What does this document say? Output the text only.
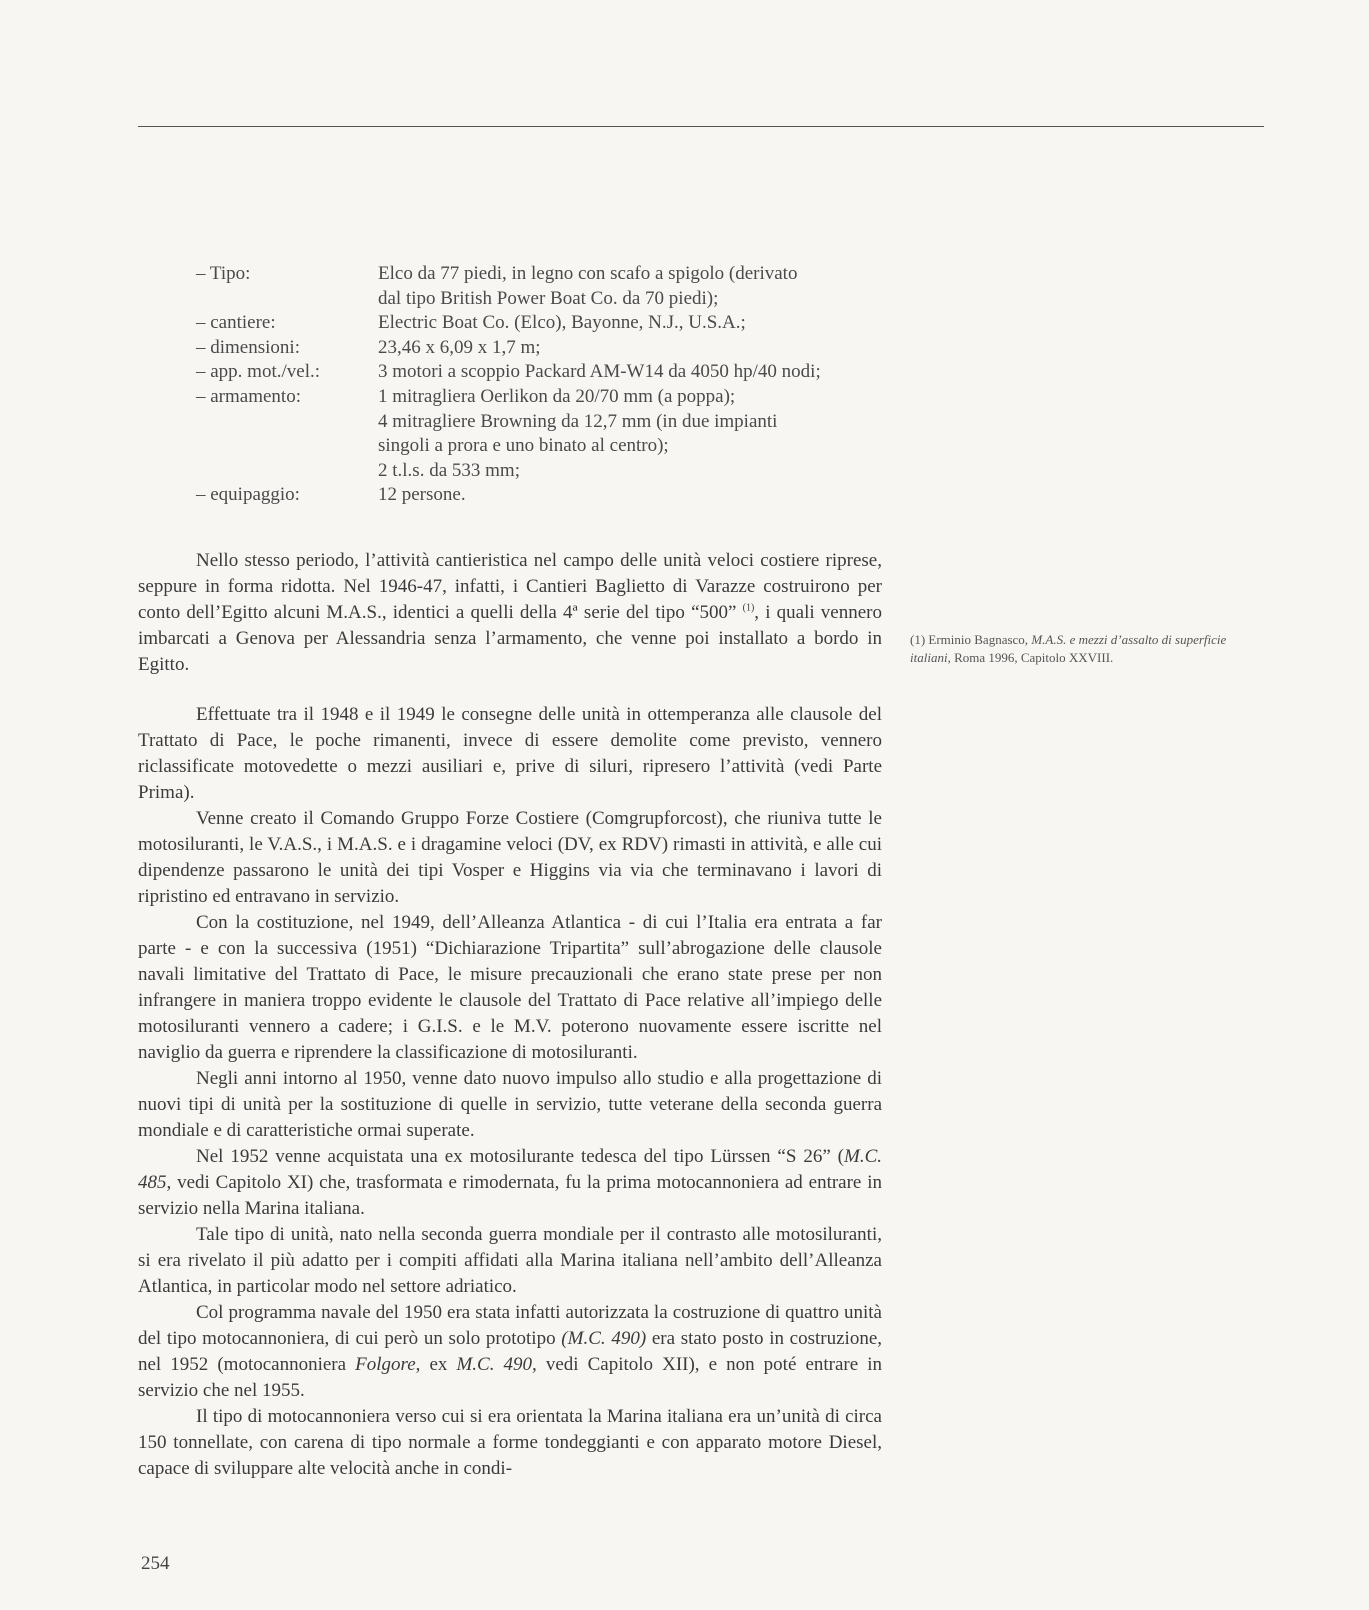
– Tipo:	Elco da 77 piedi, in legno con scafo a spigolo (derivato
dal tipo British Power Boat Co. da 70 piedi);
– cantiere:	Electric Boat Co. (Elco), Bayonne, N.J., U.S.A.;
– dimensioni:	23,46 x 6,09 x 1,7 m;
– app. mot./vel.:	3 motori a scoppio Packard AM-W14 da 4050 hp/40 nodi;
– armamento:	1 mitragliera Oerlikon da 20/70 mm (a poppa);
4 mitragliere Browning da 12,7 mm (in due impianti
singoli a prora e uno binato al centro);
2 t.l.s. da 533 mm;
– equipaggio:	12 persone.

Nello stesso periodo, l’attività cantieristica nel campo delle unità veloci costiere riprese, seppure in forma ridotta. Nel 1946-47, infatti, i Cantieri Baglietto di Varazze costruirono per conto dell’Egitto alcuni M.A.S., identici a quelli della 4ª serie del tipo “500” $^{(1)}$, i quali vennero imbarcati a Genova per Alessandria senza l’armamento, che venne poi installato a bordo in Egitto.

(1) Erminio Bagnasco, M.A.S. e mezzi d’assalto di superficie italiani, Roma 1996, Capitolo XXVIII.

Effettuate tra il 1948 e il 1949 le consegne delle unità in ottemperanza alle clausole del Trattato di Pace, le poche rimanenti, invece di essere demolite come previsto, vennero riclassificate motovedette o mezzi ausiliari e, prive di siluri, ripresero l’attività (vedi Parte Prima).

Venne creato il Comando Gruppo Forze Costiere (Comgrupforcost), che riuniva tutte le motosiluranti, le V.A.S., i M.A.S. e i dragamine veloci (DV, ex RDV) rimasti in attività, e alle cui dipendenze passarono le unità dei tipi Vosper e Higgins via via che terminavano i lavori di ripristino ed entravano in servizio.

Con la costituzione, nel 1949, dell’Alleanza Atlantica - di cui l’Italia era entrata a far parte - e con la successiva (1951) “Dichiarazione Tripartita” sull’abrogazione delle clausole navali limitative del Trattato di Pace, le misure precauzionali che erano state prese per non infrangere in maniera troppo evidente le clausole del Trattato di Pace relative all’impiego delle motosiluranti vennero a cadere; i G.I.S. e le M.V. poterono nuovamente essere iscritte nel naviglio da guerra e riprendere la classificazione di motosiluranti.

Negli anni intorno al 1950, venne dato nuovo impulso allo studio e alla progettazione di nuovi tipi di unità per la sostituzione di quelle in servizio, tutte veterane della seconda guerra mondiale e di caratteristiche ormai superate.

Nel 1952 venne acquistata una ex motosilurante tedesca del tipo Lürssen “S 26” (M.C. 485, vedi Capitolo XI) che, trasformata e rimodernata, fu la prima motocannoniera ad entrare in servizio nella Marina italiana.

Tale tipo di unità, nato nella seconda guerra mondiale per il contrasto alle motosiluranti, si era rivelato il più adatto per i compiti affidati alla Marina italiana nell’ambito dell’Alleanza Atlantica, in particolar modo nel settore adriatico.

Col programma navale del 1950 era stata infatti autorizzata la costruzione di quattro unità del tipo motocannoniera, di cui però un solo prototipo (M.C. 490) era stato posto in costruzione, nel 1952 (motocannoniera Folgore, ex M.C. 490, vedi Capitolo XII), e non poté entrare in servizio che nel 1955.

Il tipo di motocannoniera verso cui si era orientata la Marina italiana era un’unità di circa 150 tonnellate, con carena di tipo normale a forme tondeggianti e con apparato motore Diesel, capace di sviluppare alte velocità anche in condi-

254
